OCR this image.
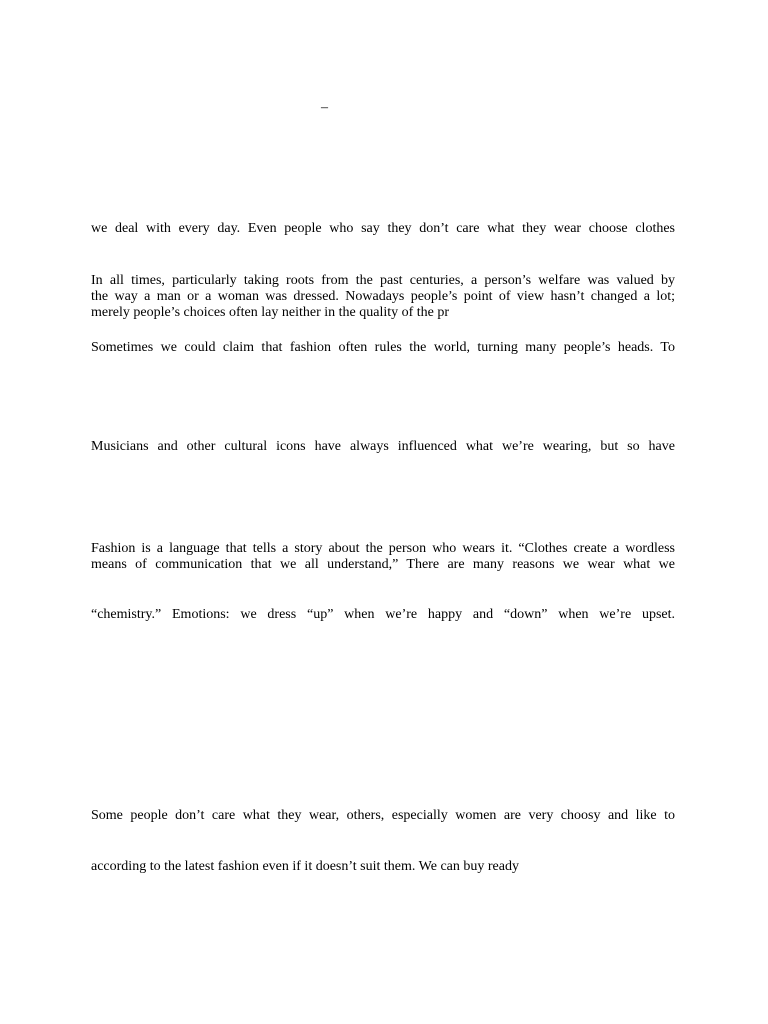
–
we deal with every day. Even people who say they don’t care what they wear choose clothes
In all times, particularly taking roots from the past centuries, a person’s welfare was valued by
the way a man or a woman was dressed. Nowadays people’s point of view hasn’t changed a lot;
merely people’s choices often lay neither in the quality of the pr
Sometimes we could claim that fashion often rules the world, turning many people’s heads. To
Musicians and other cultural icons have always influenced what we’re wearing, but so have
Fashion is a language that tells a story about the person who wears it. “Clothes create a wordless
means of communication that we all understand,” There are many reasons we wear what we
“chemistry.” Emotions: we dress “up” when we’re happy and “down” when we’re upset.
Some people don’t care what they wear, others, especially women are very choosy and like to
according to the latest fashion even if it doesn’t suit them. We can buy ready
